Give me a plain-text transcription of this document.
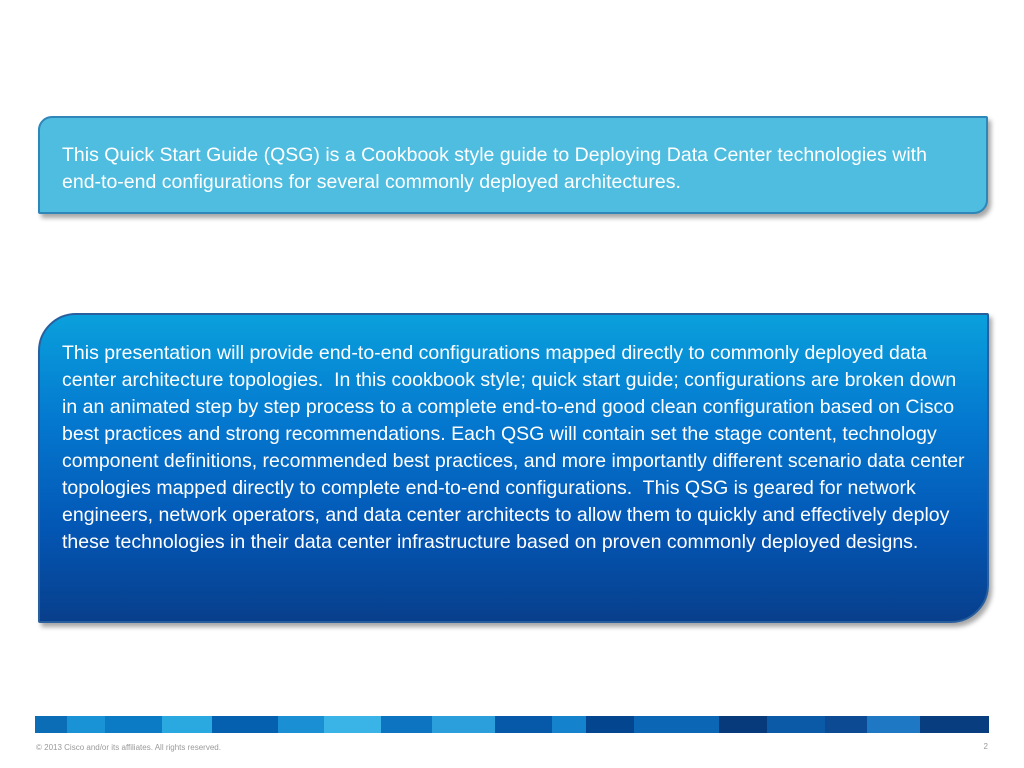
This Quick Start Guide (QSG) is a Cookbook style guide to Deploying Data Center technologies with end-to-end configurations for several commonly deployed architectures.

This presentation will provide end-to-end configurations mapped directly to commonly deployed data center architecture topologies.  In this cookbook style; quick start guide; configurations are broken down in an animated step by step process to a complete end-to-end good clean configuration based on Cisco best practices and strong recommendations. Each QSG will contain set the stage content, technology component definitions, recommended best practices, and more importantly different scenario data center topologies mapped directly to complete end-to-end configurations.  This QSG is geared for network engineers, network operators, and data center architects to allow them to quickly and effectively deploy these technologies in their data center infrastructure based on proven commonly deployed designs.

© 2013 Cisco and/or its affiliates. All rights reserved.	2
